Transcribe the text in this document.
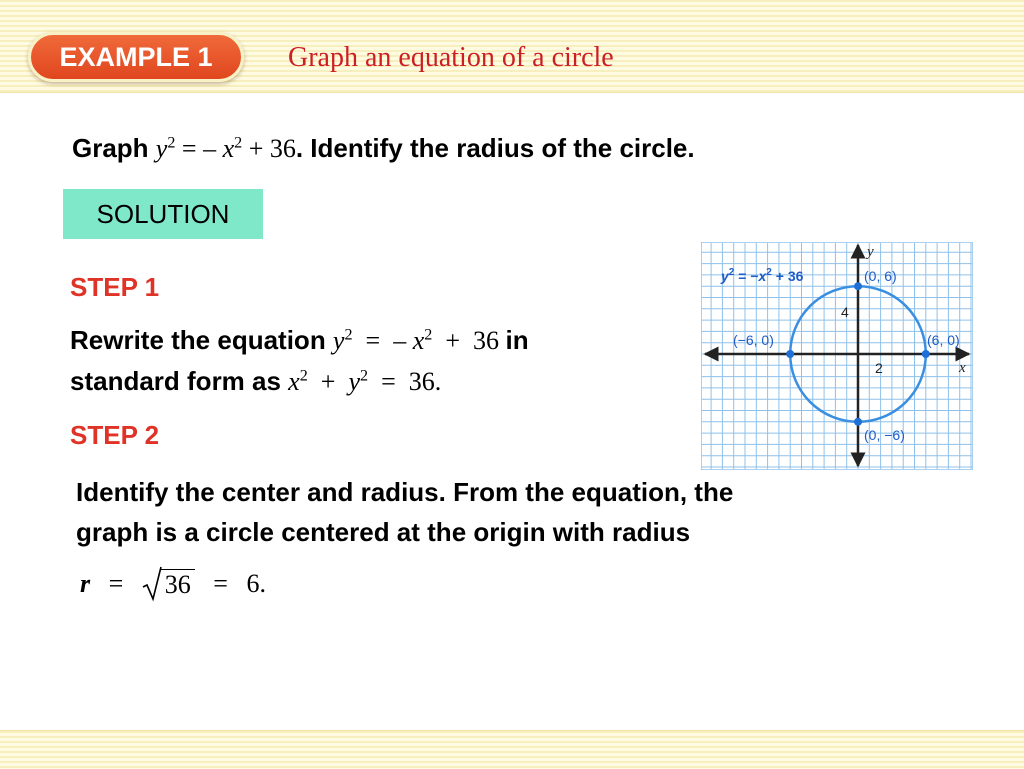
EXAMPLE 1	Graph an equation of a circle
Graph $y^2$ = – $x^2 + 36$. Identify the radius of the circle.
SOLUTION
STEP 1
Rewrite the equation $y^2$  =  – $x^2 + 36$ in
standard form as $x^2 + y^2 = 36$.
STEP 2
Identify the center and radius. From the equation, the
graph is a circle centered at the origin with radius
r = 36 = 6.
y
x
4
2
$y^2 = -x^2 + 36$	(0, 6)
(−6, 0)	(6, 0)
(0, −6)
